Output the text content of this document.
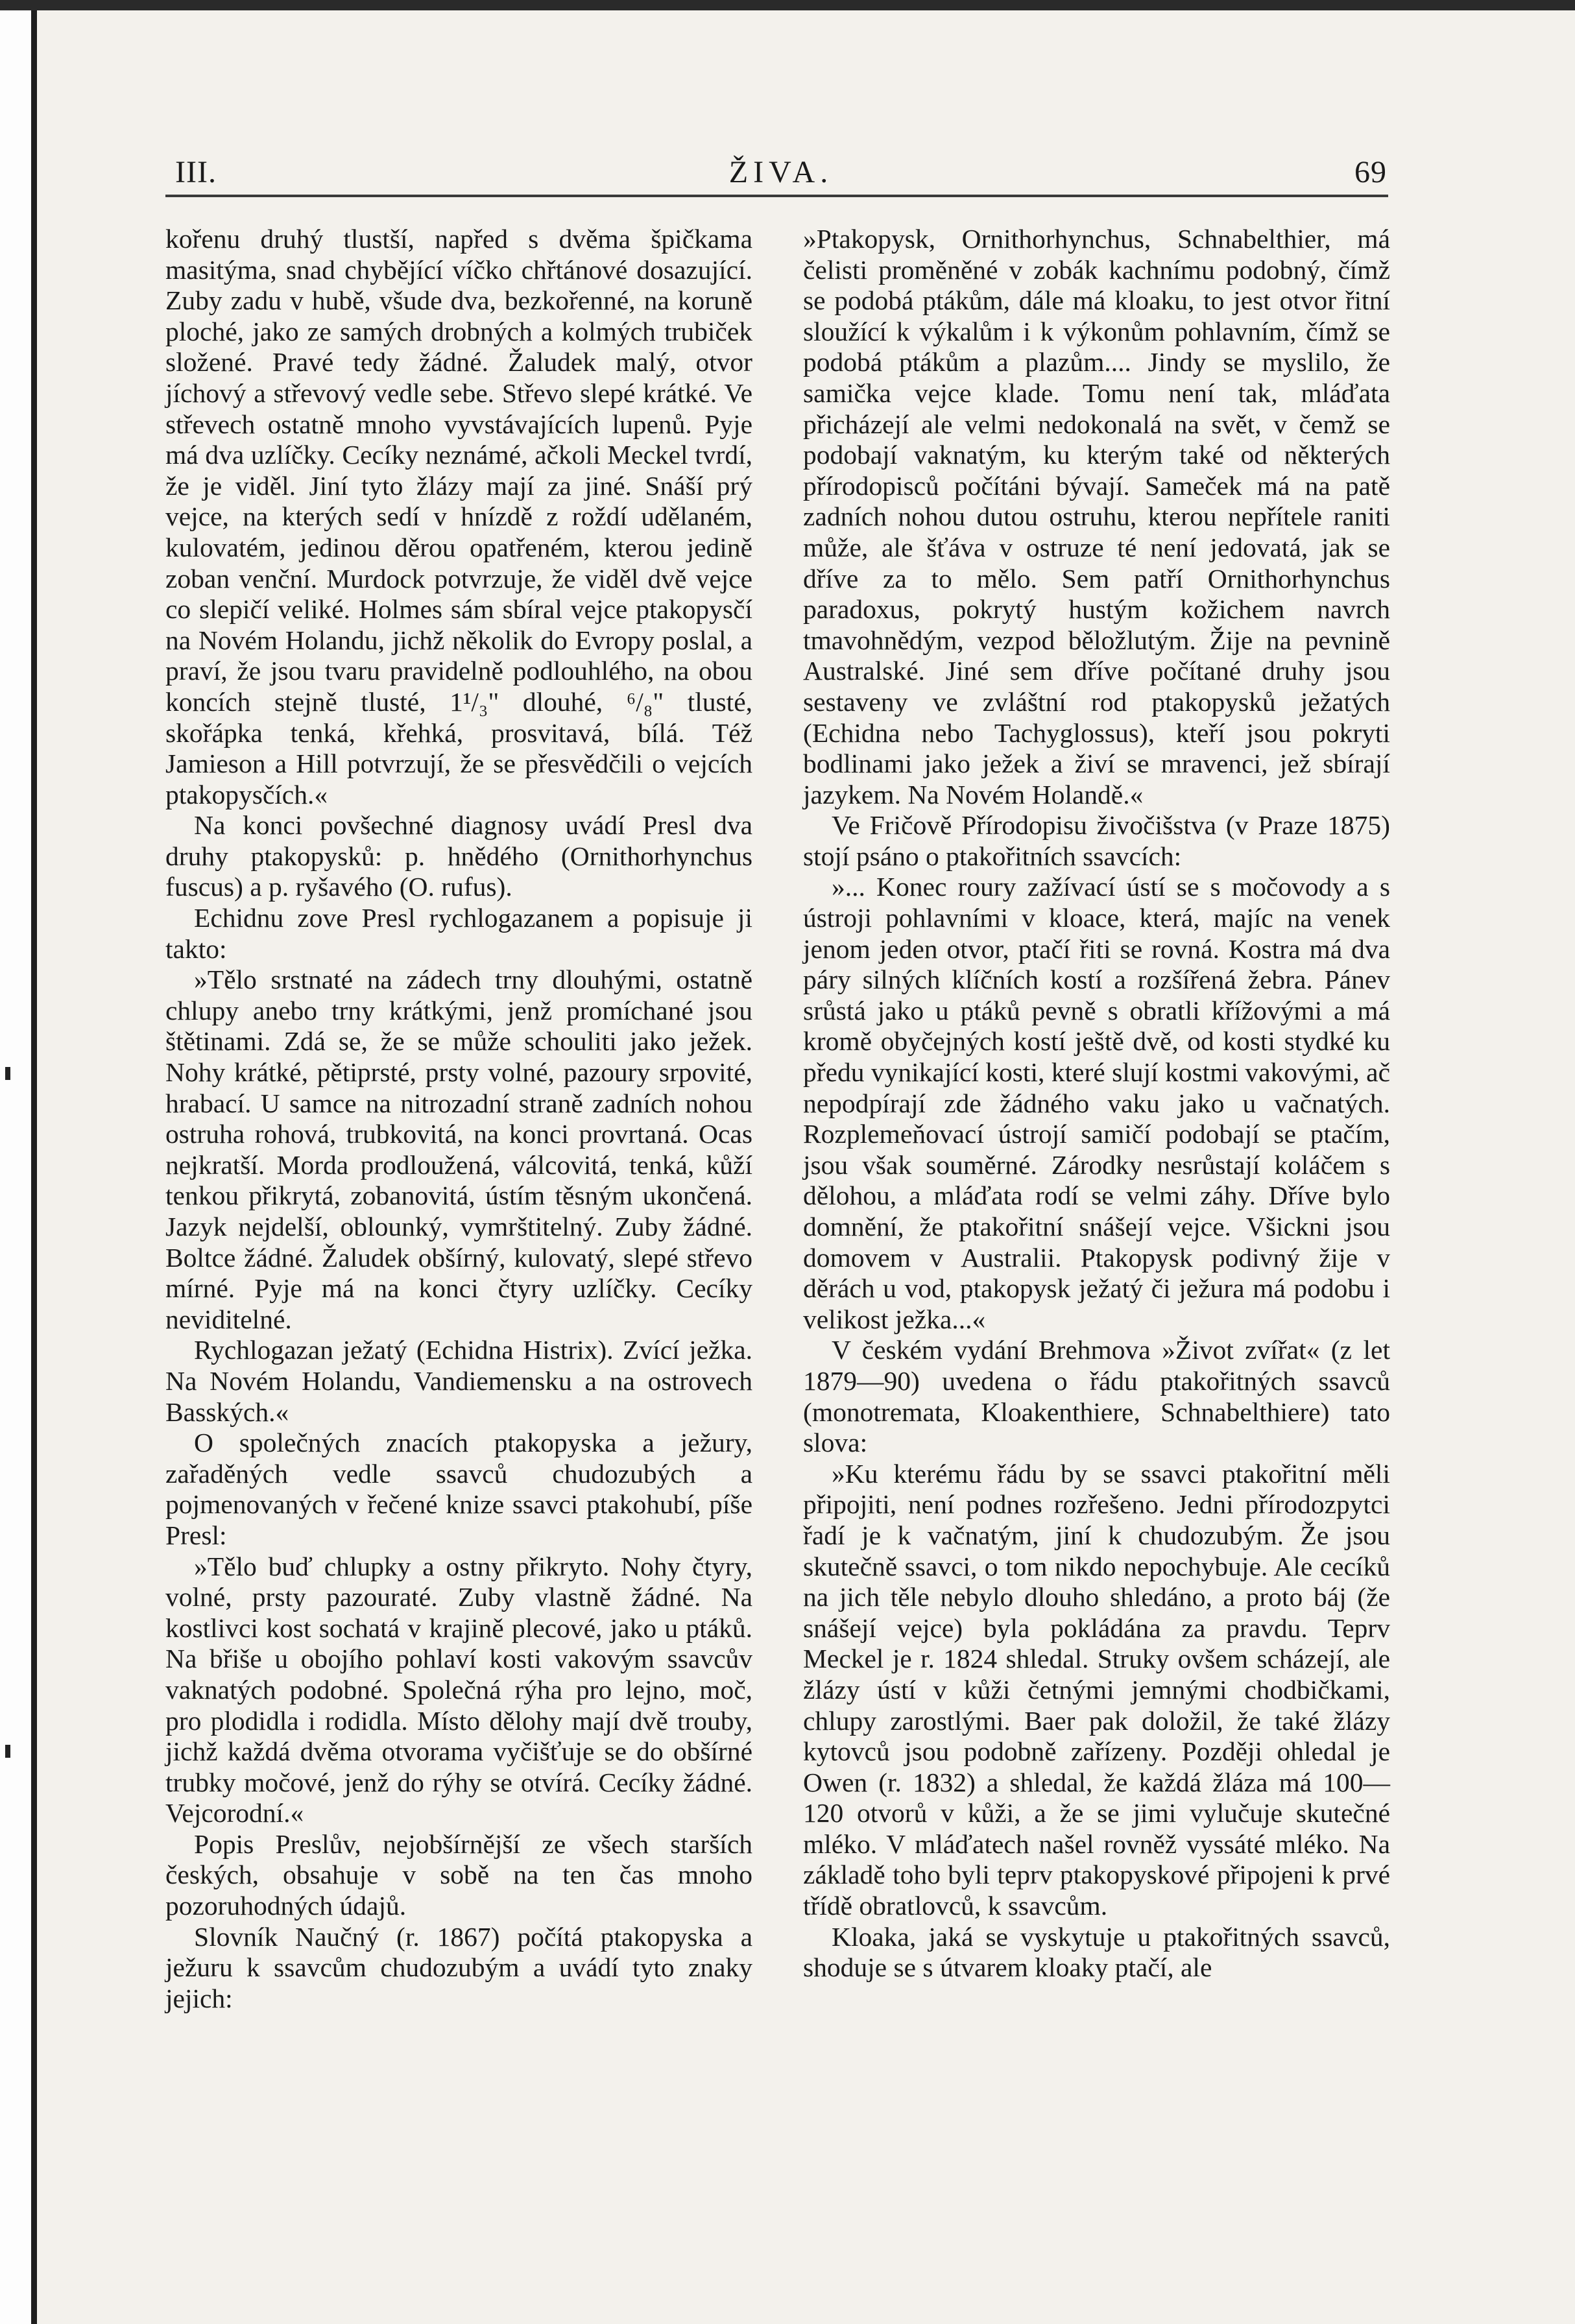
III.	ŽIVA.	69

kořenu druhý tlustší, napřed s dvěma špičkama masitýma, snad chybějící víčko chřtánové dosazující. Zuby zadu v hubě, všude dva, bezkořenné, na koruně ploché, jako ze samých drobných a kolmých trubiček složené. Pravé tedy žádné. Žaludek malý, otvor jíchový a střevový vedle sebe. Střevo slepé krátké. Ve střevech ostatně mnoho vyvstávajících lupenů. Pyje má dva uzlíčky. Cecíky neznámé, ačkoli Meckel tvrdí, že je viděl. Jiní tyto žlázy mají za jiné. Snáší prý vejce, na kterých sedí v hnízdě z roždí udělaném, kulovatém, jedinou děrou opatřeném, kterou jedině zoban venční. Murdock potvrzuje, že viděl dvě vejce co slepičí veliké. Holmes sám sbíral vejce ptakopysčí na Novém Holandu, jichž několik do Evropy poslal, a praví, že jsou tvaru pravidelně podlouhlého, na obou koncích stejně tlusté, 1¹/₃" dlouhé, ⁶/₈" tlusté, skořápka tenká, křehká, prosvitavá, bílá. Též Jamieson a Hill potvrzují, že se přesvědčili o vejcích ptakopysčích.«

Na konci povšechné diagnosy uvádí Presl dva druhy ptakopysků: p. hnědého (Ornithorhynchus fuscus) a p. ryšavého (O. rufus).

Echidnu zove Presl rychlogazanem a popisuje ji takto:

»Tělo srstnaté na zádech trny dlouhými, ostatně chlupy anebo trny krátkými, jenž promíchané jsou štětinami. Zdá se, že se může schouliti jako ježek. Nohy krátké, pětiprsté, prsty volné, pazoury srpovité, hrabací. U samce na nitrozadní straně zadních nohou ostruha rohová, trubkovitá, na konci provrtaná. Ocas nejkratší. Morda prodloužená, válcovitá, tenká, kůží tenkou přikrytá, zobanovitá, ústím těsným ukončená. Jazyk nejdelší, oblounký, vymrštitelný. Zuby žádné. Boltce žádné. Žaludek obšírný, kulovatý, slepé střevo mírné. Pyje má na konci čtyry uzlíčky. Cecíky neviditelné.

Rychlogazan ježatý (Echidna Histrix). Zvící ježka. Na Novém Holandu, Vandiemensku a na ostrovech Basských.«

O společných znacích ptakopyska a ježury, zařaděných vedle ssavců chudozubých a pojmenovaných v řečené knize ssavci ptakohubí, píše Presl:

»Tělo buď chlupky a ostny přikryto. Nohy čtyry, volné, prsty pazouraté. Zuby vlastně žádné. Na kostlivci kost sochatá v krajině plecové, jako u ptáků. Na břiše u obojího pohlaví kosti vakovým ssavcův vaknatých podobné. Společná rýha pro lejno, moč, pro plodidla i rodidla. Místo dělohy mají dvě trouby, jichž každá dvěma otvorama vyčišťuje se do obšírné trubky močové, jenž do rýhy se otvírá. Cecíky žádné. Vejcorodní.«

Popis Preslův, nejobšírnější ze všech starších českých, obsahuje v sobě na ten čas mnoho pozoruhodných údajů.

Slovník Naučný (r. 1867) počítá ptakopyska a ježuru k ssavcům chudozubým a uvádí tyto znaky jejich:

»Ptakopysk, Ornithorhynchus, Schnabelthier, má čelisti proměněné v zobák kachnímu podobný, čímž se podobá ptákům, dále má kloaku, to jest otvor řitní sloužící k výkalům i k výkonům pohlavním, čímž se podobá ptákům a plazům.... Jindy se myslilo, že samička vejce klade. Tomu není tak, mláďata přicházejí ale velmi nedokonalá na svět, v čemž se podobají vaknatým, ku kterým také od některých přírodopisců počítáni bývají. Sameček má na patě zadních nohou dutou ostruhu, kterou nepřítele raniti může, ale šťáva v ostruze té není jedovatá, jak se dříve za to mělo. Sem patří Ornithorhynchus paradoxus, pokrytý hustým kožichem navrch tmavohnědým, vezpod běložlutým. Žije na pevnině Australské. Jiné sem dříve počítané druhy jsou sestaveny ve zvláštní rod ptakopysků ježatých (Echidna nebo Tachyglossus), kteří jsou pokryti bodlinami jako ježek a živí se mravenci, jež sbírají jazykem. Na Novém Holandě.«

Ve Fričově Přírodopisu živočišstva (v Praze 1875) stojí psáno o ptakořitních ssavcích:

»... Konec roury zažívací ústí se s močovody a s ústroji pohlavními v kloace, která, majíc na venek jenom jeden otvor, ptačí řiti se rovná. Kostra má dva páry silných klíčních kostí a rozšířená žebra. Pánev srůstá jako u ptáků pevně s obratli křížovými a má kromě obyčejných kostí ještě dvě, od kosti stydké ku předu vynikající kosti, které slují kostmi vakovými, ač nepodpírají zde žádného vaku jako u vačnatých. Rozplemeňovací ústrojí samičí podobají se ptačím, jsou však souměrné. Zárodky nesrůstají koláčem s dělohou, a mláďata rodí se velmi záhy. Dříve bylo domnění, že ptakořitní snášejí vejce. Všickni jsou domovem v Australii. Ptakopysk podivný žije v děrách u vod, ptakopysk ježatý či ježura má podobu i velikost ježka...«

V českém vydání Brehmova »Život zvířat« (z let 1879—90) uvedena o řádu ptakořitných ssavců (monotremata, Kloakenthiere, Schnabelthiere) tato slova:

»Ku kterému řádu by se ssavci ptakořitní měli připojiti, není podnes rozřešeno. Jedni přírodozpytci řadí je k vačnatým, jiní k chudozubým. Že jsou skutečně ssavci, o tom nikdo nepochybuje. Ale cecíků na jich těle nebylo dlouho shledáno, a proto báj (že snášejí vejce) byla pokládána za pravdu. Teprv Meckel je r. 1824 shledal. Struky ovšem scházejí, ale žlázy ústí v kůži četnými jemnými chodbičkami, chlupy zarostlými. Baer pak doložil, že také žlázy kytovců jsou podobně zařízeny. Později ohledal je Owen (r. 1832) a shledal, že každá žláza má 100—120 otvorů v kůži, a že se jimi vylučuje skutečné mléko. V mláďatech našel rovněž vyssáté mléko. Na základě toho byli teprv ptakopyskové připojeni k prvé třídě obratlovců, k ssavcům.

Kloaka, jaká se vyskytuje u ptakořitných ssavců, shoduje se s útvarem kloaky ptačí, ale
